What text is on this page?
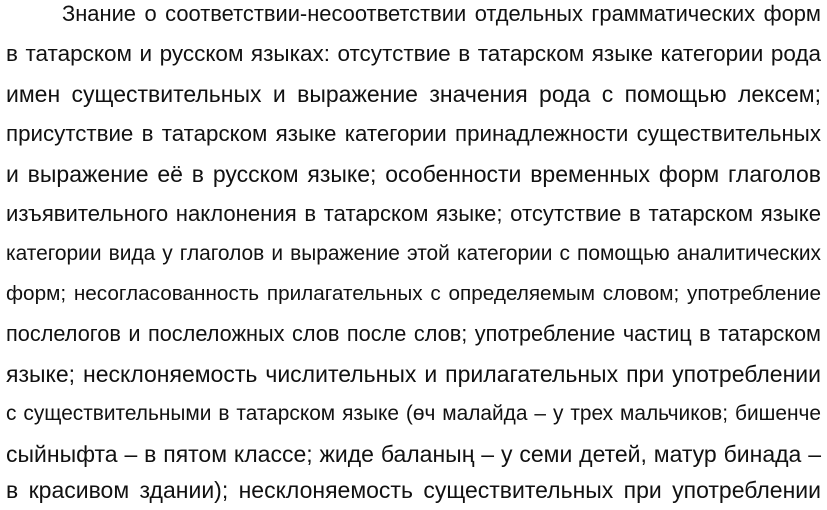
Знание о соответствии-несоответствии отдельных грамматических форм
в татарском и русском языках: отсутствие в татарском языке категории рода
имен существительных и выражение значения рода с помощью лексем;
присутствие в татарском языке категории принадлежности существительных
и выражение её в русском языке; особенности временных форм глаголов
изъявительного наклонения в татарском языке; отсутствие в татарском языке
категории вида у глаголов и выражение этой категории с помощью аналитических
форм; несогласованность прилагательных с определяемым словом; употребление
послелогов и послеложных слов после слов; употребление частиц в татарском
языке; несклоняемость числительных и прилагательных при употреблении
с существительными в татарском языке (өч малайда – у трех мальчиков; бишенче
сыйныфта – в пятом классе; жиде баланың – у семи детей, матур бинада –
в красивом здании); несклоняемость существительных при употреблении
